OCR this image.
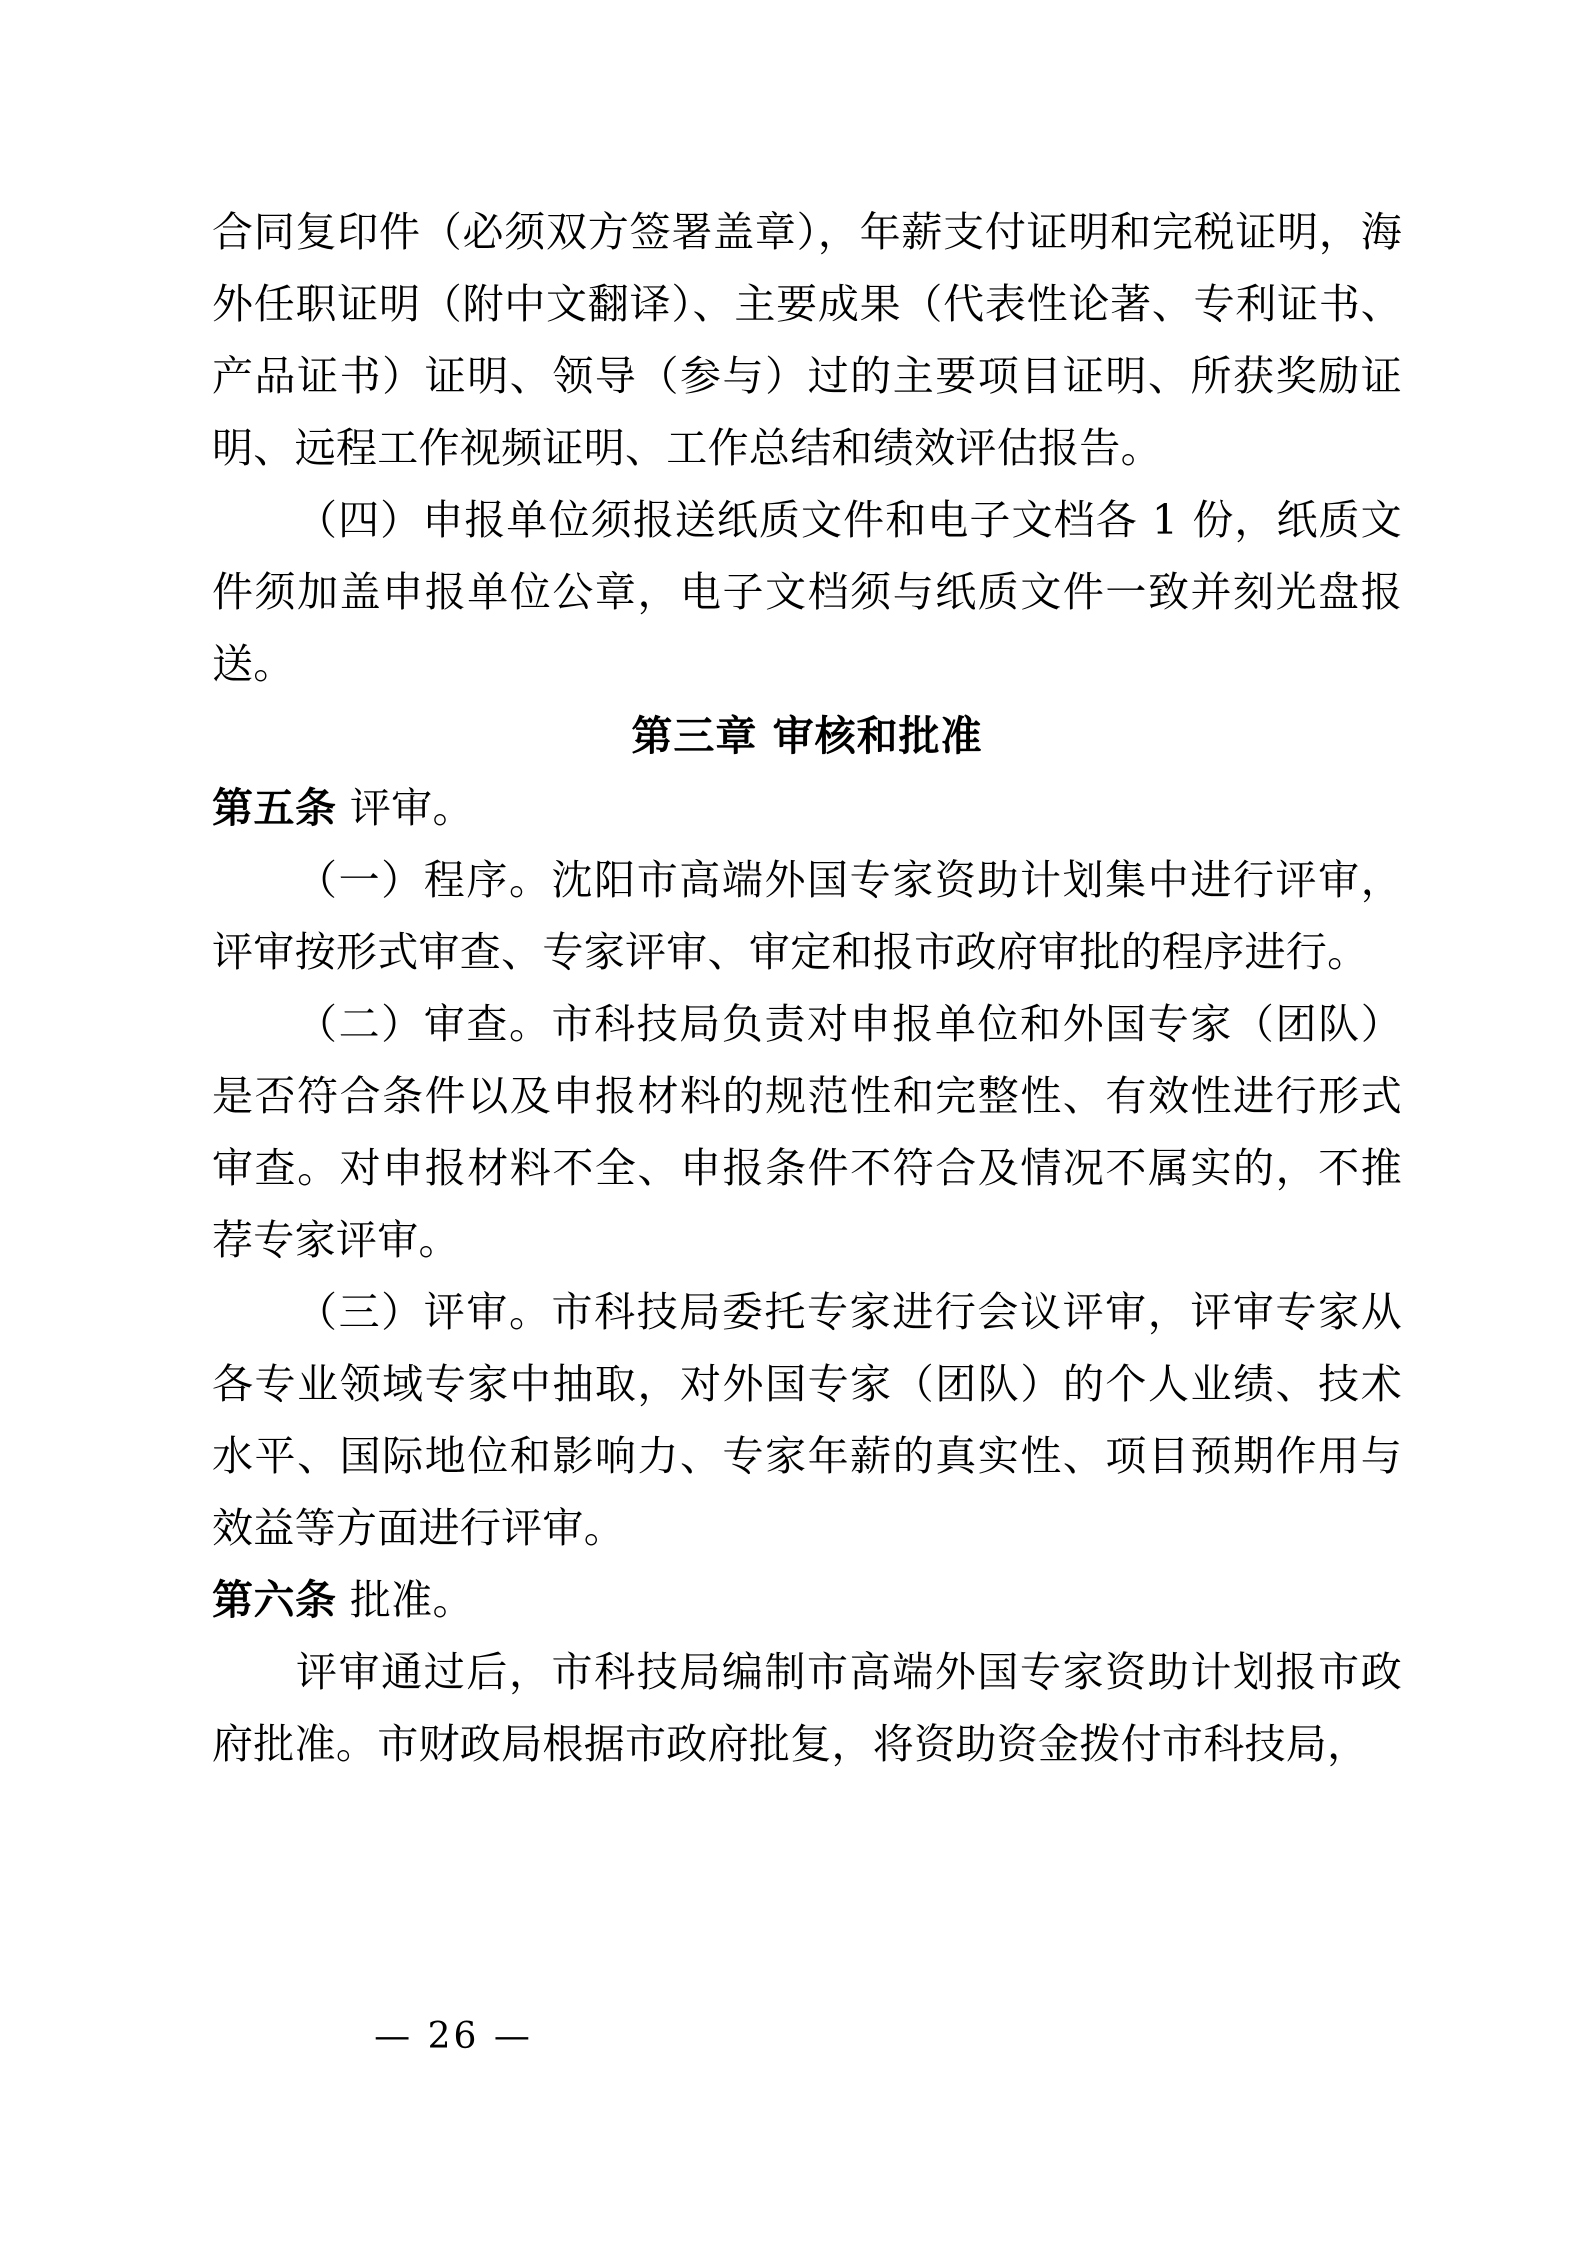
合同复印件（必须双方签署盖章），年薪支付证明和完税证明，海外任职证明（附中文翻译）、主要成果（代表性论著、专利证书、产品证书）证明、领导（参与）过的主要项目证明、所获奖励证明、远程工作视频证明、工作总结和绩效评估报告。

（四）申报单位须报送纸质文件和电子文档各 1 份，纸质文件须加盖申报单位公章，电子文档须与纸质文件一致并刻光盘报送。

第三章 审核和批准

第五条 评审。

（一）程序。沈阳市高端外国专家资助计划集中进行评审，评审按形式审查、专家评审、审定和报市政府审批的程序进行。

（二）审查。市科技局负责对申报单位和外国专家（团队）是否符合条件以及申报材料的规范性和完整性、有效性进行形式审查。对申报材料不全、申报条件不符合及情况不属实的，不推荐专家评审。

（三）评审。市科技局委托专家进行会议评审，评审专家从各专业领域专家中抽取，对外国专家（团队）的个人业绩、技术水平、国际地位和影响力、专家年薪的真实性、项目预期作用与效益等方面进行评审。

第六条 批准。

评审通过后，市科技局编制市高端外国专家资助计划报市政府批准。市财政局根据市政府批复，将资助资金拨付市科技局，

— 26 —
